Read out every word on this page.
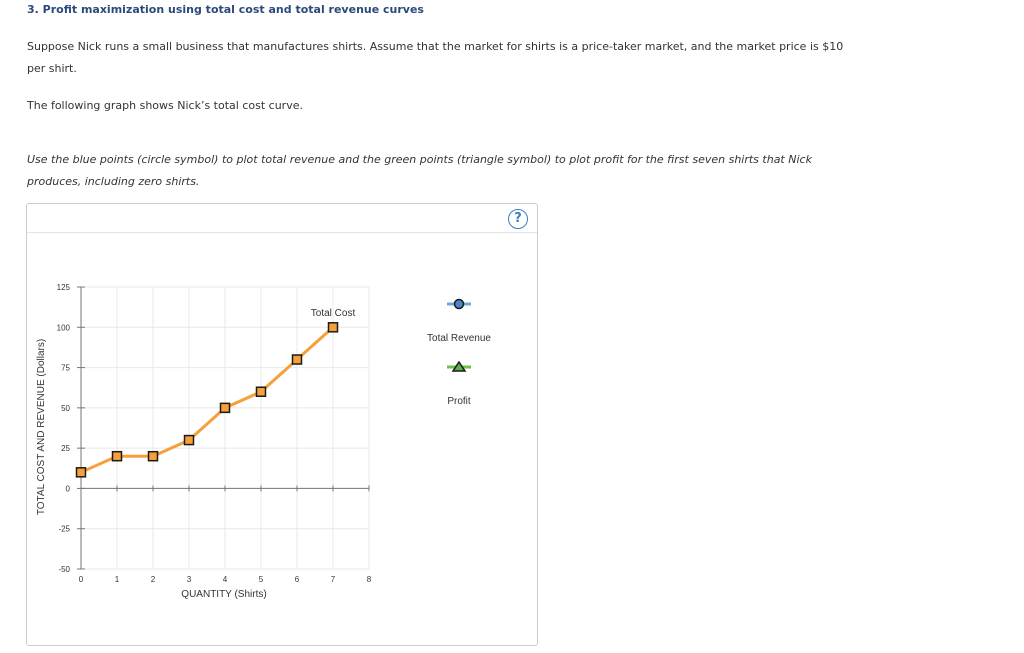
3. Profit maximization using total cost and total revenue curves

Suppose Nick runs a small business that manufactures shirts. Assume that the market for shirts is a price-taker market, and the market price is $10 per shirt.

The following graph shows Nick’s total cost curve.

Use the blue points (circle symbol) to plot total revenue and the green points (triangle symbol) to plot profit for the first seven shirts that Nick produces, including zero shirts.

?
-50
-25
0
25
50
75
100
125
0	1	2	3	4	5	6	7	8
Total Cost
QUANTITY (Shirts)
TOTAL COST AND REVENUE (Dollars)
Total Revenue
Profit
